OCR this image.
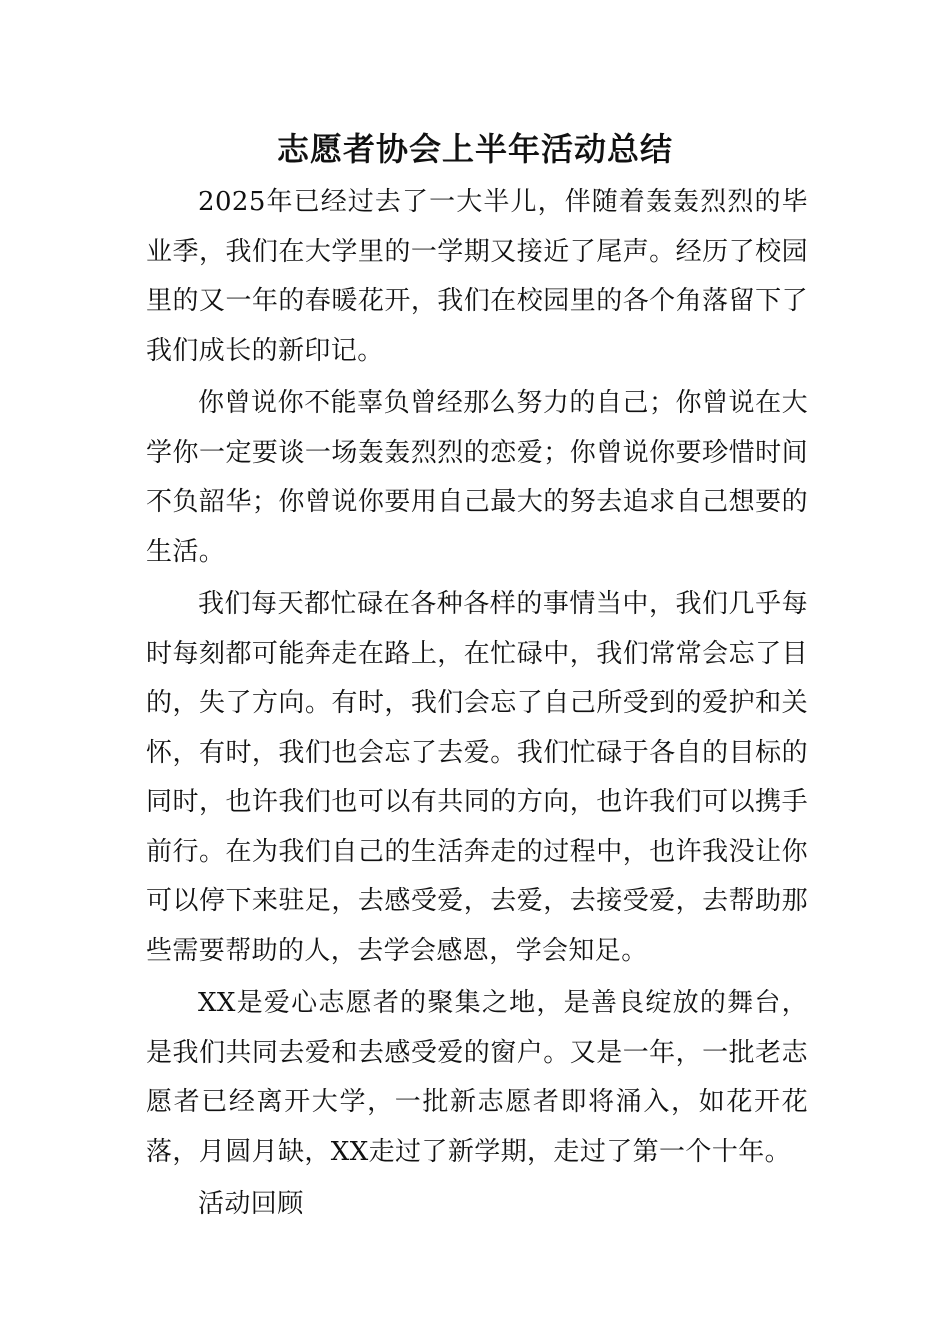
志愿者协会上半年活动总结

2025年已经过去了一大半儿，伴随着轰轰烈烈的毕业季，我们在大学里的一学期又接近了尾声。经历了校园里的又一年的春暖花开，我们在校园里的各个角落留下了我们成长的新印记。

你曾说你不能辜负曾经那么努力的自己；你曾说在大学你一定要谈一场轰轰烈烈的恋爱；你曾说你要珍惜时间不负韶华；你曾说你要用自己最大的努去追求自己想要的生活。

我们每天都忙碌在各种各样的事情当中，我们几乎每时每刻都可能奔走在路上，在忙碌中，我们常常会忘了目的，失了方向。有时，我们会忘了自己所受到的爱护和关怀，有时，我们也会忘了去爱。我们忙碌于各自的目标的同时，也许我们也可以有共同的方向，也许我们可以携手前行。在为我们自己的生活奔走的过程中，也许我没让你可以停下来驻足，去感受爱，去爱，去接受爱，去帮助那些需要帮助的人，去学会感恩，学会知足。

XX是爱心志愿者的聚集之地，是善良绽放的舞台，是我们共同去爱和去感受爱的窗户。又是一年，一批老志愿者已经离开大学，一批新志愿者即将涌入，如花开花落，月圆月缺，XX走过了新学期，走过了第一个十年。

活动回顾
